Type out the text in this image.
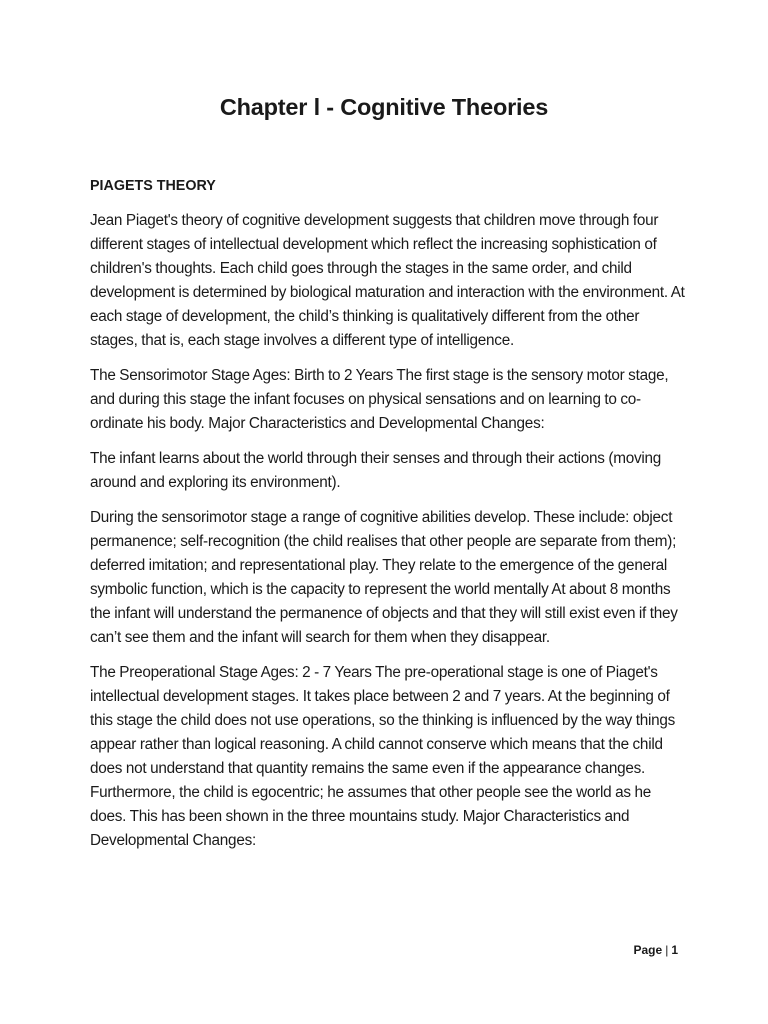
Chapter l - Cognitive Theories

PIAGETS THEORY

Jean Piaget's theory of cognitive development suggests that children move through four different stages of intellectual development which reflect the increasing sophistication of children's thoughts. Each child goes through the stages in the same order, and child development is determined by biological maturation and interaction with the environment. At each stage of development, the child’s thinking is qualitatively different from the other stages, that is, each stage involves a different type of intelligence.

The Sensorimotor Stage Ages: Birth to 2 Years The first stage is the sensory motor stage, and during this stage the infant focuses on physical sensations and on learning to co-ordinate his body. Major Characteristics and Developmental Changes:

The infant learns about the world through their senses and through their actions (moving around and exploring its environment).

During the sensorimotor stage a range of cognitive abilities develop. These include: object permanence; self-recognition (the child realises that other people are separate from them); deferred imitation; and representational play. They relate to the emergence of the general symbolic function, which is the capacity to represent the world mentally At about 8 months the infant will understand the permanence of objects and that they will still exist even if they can’t see them and the infant will search for them when they disappear.

The Preoperational Stage Ages: 2 - 7 Years The pre-operational stage is one of Piaget's intellectual development stages. It takes place between 2 and 7 years. At the beginning of this stage the child does not use operations, so the thinking is influenced by the way things appear rather than logical reasoning. A child cannot conserve which means that the child does not understand that quantity remains the same even if the appearance changes. Furthermore, the child is egocentric; he assumes that other people see the world as he does. This has been shown in the three mountains study. Major Characteristics and Developmental Changes:

Page | 1
